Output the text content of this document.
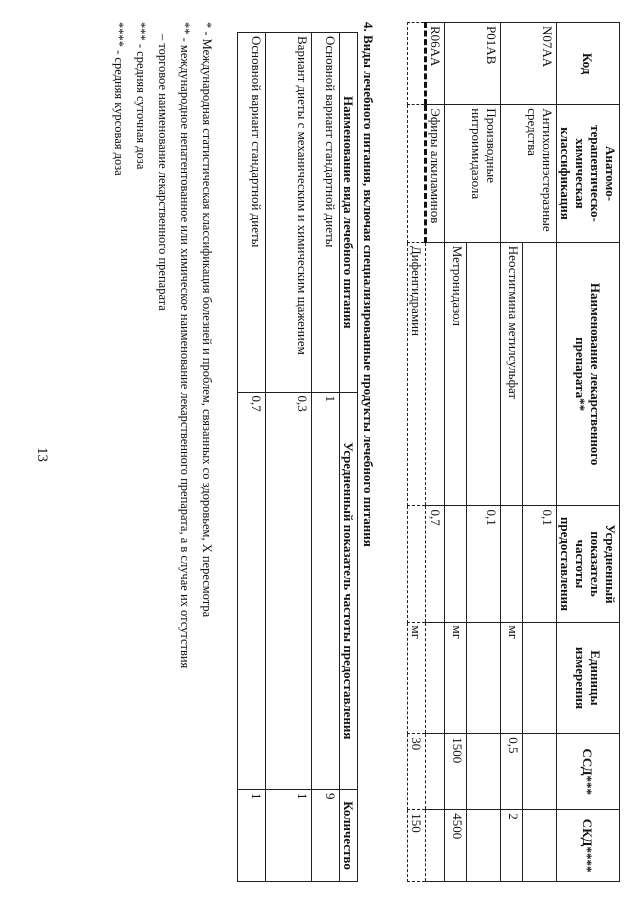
13
Код	Анатомо-терапевтическо-химическая классификация	Наименование лекарственного препарата**	Усредненный показатель частоты предоставления	Единицы измерения	ССД***	СКД****
N07AA	Антихолинэстеразные средства		0,1			
		Неостигмина метилсульфат		мг	0,5	2
P01AB	Производные нитроимидазола		0,1			
		Метронидазол		мг	1500	4500
R06AA	Эфиры алкиламинов		0,7			
		Дифенгидрамин		мг	30	150
4. Виды лечебного питания, включая специализированные продукты лечебного питания
Наименование вида лечебного питания	Усредненный показатель частоты предоставления	Количество
Основной вариант стандартной диеты	1	9
Вариант диеты с механическим и химическим щажением	0,3	1
Основной вариант стандартной диеты	0,7	1
* - Международная статистическая классификация болезней и проблем, связанных со здоровьем, X пересмотра
** - международное непатентованное или химическое наименование лекарственного препарата, а в случае их отсутствия
– торговое наименование лекарственного препарата
*** - средняя суточная доза
**** - средняя курсовая доза
